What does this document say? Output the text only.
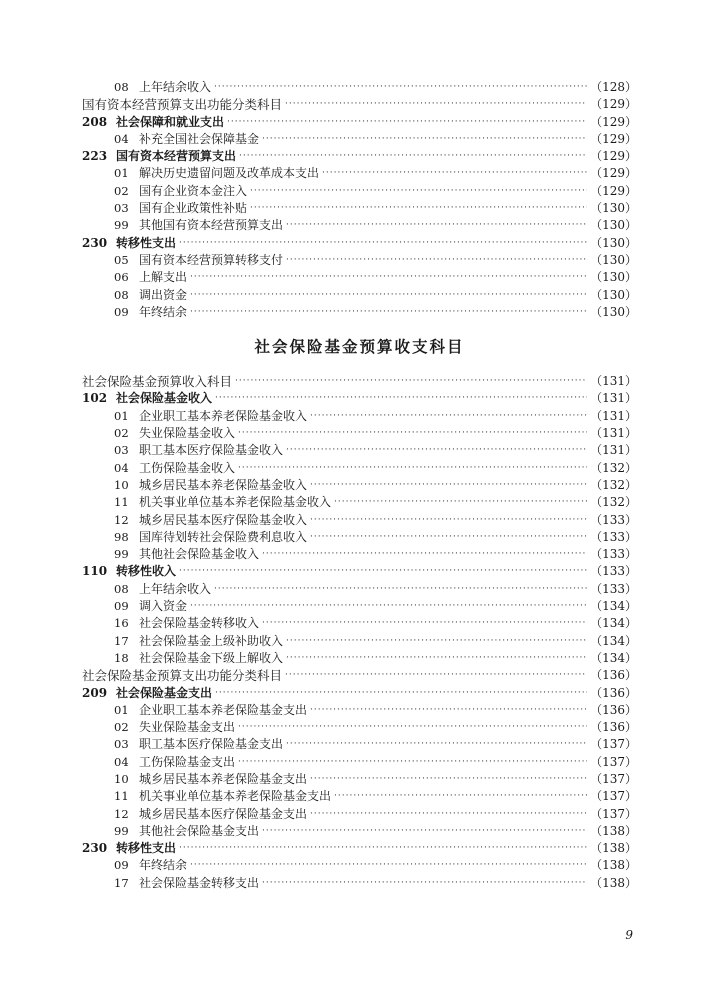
08 上年结余收入 ·····	（128）
国有资本经营预算支出功能分类科目 ·····	（129）
208 社会保障和就业支出 ·····	（129）
04 补充全国社会保障基金 ·····	（129）
223 国有资本经营预算支出 ·····	（129）
01 解决历史遗留问题及改革成本支出 ·····	（129）
02 国有企业资本金注入 ·····	（129）
03 国有企业政策性补贴 ·····	（130）
99 其他国有资本经营预算支出 ·····	（130）
230 转移性支出 ·····	（130）
05 国有资本经营预算转移支付 ·····	（130）
06 上解支出 ·····	（130）
08 调出资金 ·····	（130）
09 年终结余 ·····	（130）
社会保险基金预算收支科目
社会保险基金预算收入科目 ·····	（131）
102 社会保险基金收入 ·····	（131）
01 企业职工基本养老保险基金收入 ·····	（131）
02 失业保险基金收入 ·····	（131）
03 职工基本医疗保险基金收入 ·····	（131）
04 工伤保险基金收入 ·····	（132）
10 城乡居民基本养老保险基金收入 ·····	（132）
11 机关事业单位基本养老保险基金收入 ·····	（132）
12 城乡居民基本医疗保险基金收入 ·····	（133）
98 国库待划转社会保险费利息收入 ·····	（133）
99 其他社会保险基金收入 ·····	（133）
110 转移性收入 ·····	（133）
08 上年结余收入 ·····	（133）
09 调入资金 ·····	（134）
16 社会保险基金转移收入 ·····	（134）
17 社会保险基金上级补助收入 ·····	（134）
18 社会保险基金下级上解收入 ·····	（134）
社会保险基金预算支出功能分类科目 ·····	（136）
209 社会保险基金支出 ·····	（136）
01 企业职工基本养老保险基金支出 ·····	（136）
02 失业保险基金支出 ·····	（136）
03 职工基本医疗保险基金支出 ·····	（137）
04 工伤保险基金支出 ·····	（137）
10 城乡居民基本养老保险基金支出 ·····	（137）
11 机关事业单位基本养老保险基金支出 ·····	（137）
12 城乡居民基本医疗保险基金支出 ·····	（137）
99 其他社会保险基金支出 ·····	（138）
230 转移性支出 ·····	（138）
09 年终结余 ·····	（138）
17 社会保险基金转移支出 ·····	（138）
9
